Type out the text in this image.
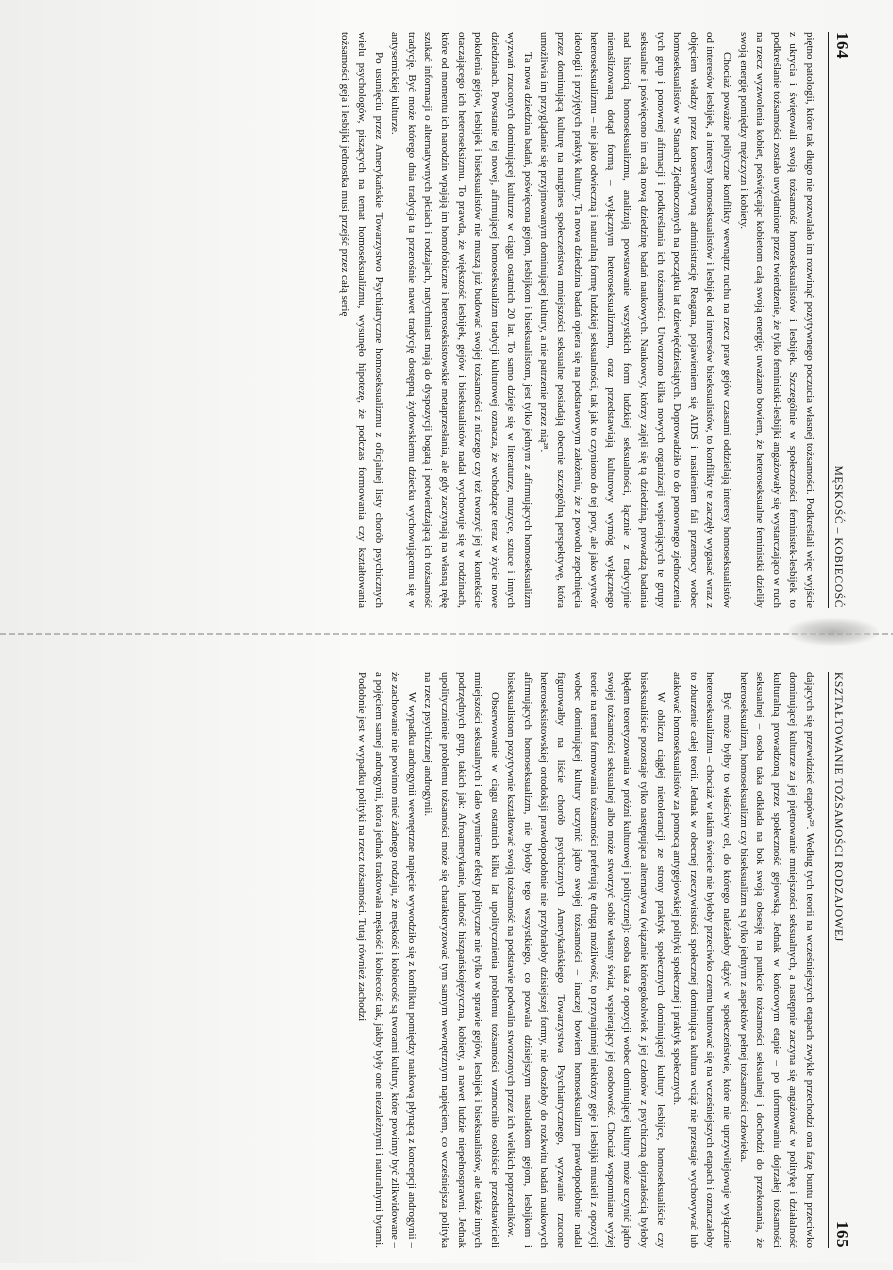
164
MĘSKOŚĆ – KOBIECOŚĆ

piętno patologii, które tak długo nie pozwalało im rozwinąć pozytywnego poczucia własnej tożsamości. Podkreślali więc wyjście z ukrycia i świętowali swoją tożsamość homoseksualistów i lesbijek. Szczególnie w społeczności feministek-lesbijek to podkreślanie tożsamości zostało uwydatnione przez twierdzenie, że tylko feministki-lesbijki angażowały się wystarczająco w ruch na rzecz wyzwolenia kobiet, poświęcając kobietom całą swoją energię; uważano bowiem, że heteroseksualne feministki dzieliły swoją energię pomiędzy mężczyzn i kobiety.

Chociaż poważne polityczne konflikty wewnątrz ruchu na rzecz praw gejów czasami oddzielają interesy homoseksualistów od interesów lesbijek, a interesy homoseksualistów i lesbijek od interesów biseksualistów, to konflikty te zaczęły wygasać wraz z objęciem władzy przez konserwatywną administrację Reagana, pojawieniem się AIDS i nasileniem fali przemocy wobec homoseksualistów w Stanach Zjednoczonych na początku lat dziewięćdziesiątych. Doprowadziło to do ponownego zjednoczenia tych grup i ponownej afirmacji i podkreślania ich tożsamości. Utworzono kilka nowych organizacji wspierających te grupy seksualne i poświęcono im całą nową dziedzinę badań naukowych. Naukowcy, którzy zajęli się tą dziedziną, prowadzą badania nad historią homoseksualizmu, analizują powstawanie wszystkich form ludzkiej seksualności, łącznie z tradycyjnie nienaślizowaną dotąd formą – wyłącznym heteroseksualizmem, oraz przedstawiają kulturowy wymóg wyłącznego heteroseksualizmu – nie jako odwieczną i naturalną formę ludzkiej seksualności, tak jak to czyniono do tej pory, ale jako wytwór ideologii i przyjętych praktyk kultury. Ta nowa dziedzina badań opiera się na podstawowym założeniu, że z powodu zepchnięcia przez dominującą kulturę na margines społeczeństwa mniejszości seksualne posiadają obecnie szczególną perspektywę, która umożliwia im przyglądanie się przyjmowanym dominującej kultury, a nie patrzenie przez nią²⁸.

Ta nowa dziedzina badań, poświęcona gejom, lesbijkom i biseksualistom, jest tylko jednym z afirmujących homoseksualizm wyzwań rzuconych dominującej kulturze w ciągu ostatnich 20 lat. To samo dzieje się w literaturze, muzyce, sztuce i innych dziedzinach. Powstanie tej nowej, afirmującej homoseksualizm tradycji kulturowej oznacza, że wchodzące teraz w życie nowe pokolenia gejów, lesbijek i biseksualistów nie muszą już budować swojej tożsamości z niczego czy też tworzyć jej w kontekście otaczającego ich heteroseksizmu. To prawda, że większość lesbijek, gejów i biseksualistów nadal wychowuje się w rodzinach, które od momentu ich narodzin wpajają im homofobiczne i heteroseksistowskie metaprzesłania, ale gdy zaczynają na własną rękę szukać informacji o alternatywnych płciach i rodzajach, natychmiast mają do dyspozycji bogatą i potwierdzającą ich tożsamość tradycję. Być może którego dnia tradycja ta przerośnie nawet tradycję dostępną żydowskiemu dziecku wychowującemu się w antysemickiej kulturze.

Po usunięciu przez Amerykańskie Towarzystwo Psychiatryczne homoseksualizmu z oficjalnej listy chorób psychicznych wielu psychologów, piszących na temat homoseksualizmu, wysunęło hipotezę, że podczas formowania czy kształtowania tożsamości geja i lesbijki jednostka musi przejść przez całą serię

KSZTAŁTOWANIE TOŻSAMOŚCI RODZAJOWEJ
165

dających się przewidzieć etapów²⁹. Według tych teorii na wcześniejszych etapach zwykle przechodzi ona fazę buntu przeciwko dominującej kulturze za jej piętnowanie mniejszości seksualnych, a następnie zaczyna się angażować w politykę i działalność kulturalną prowadzoną przez społeczność gejowską. Jednak w końcowym etapie – po uformowaniu dojrzałej tożsamości seksualnej – osoba taka odkłada na bok swoją obsesję na punkcie tożsamości seksualnej i dochodzi do przekonania, że heteroseksualizm, homoseksualizm czy biseksualizm są tylko jednym z aspektów pełnej tożsamości człowieka.

Być może byłby to właściwy cel, do którego należałoby dążyć w społeczeństwie, które nie uprzywilejowuje wyłącznie heteroseksualizmu – chociaż w takim świecie nie byłoby przeciwko czemu buntować się na wcześniejszych etapach i oznaczałoby to zburzenie całej teorii. Jednak w obecnej rzeczywistości społecznej dominująca kultura wciąż nie przestaje wychowywać lub atakować homoseksualistów za pomocą antygejowskiej polityki społecznej i praktyk społecznych.

W obliczu ciągłej nietolerancji ze strony praktyk społecznych dominującej kultury lesbijce, homoseksualiście czy biseksualiście pozostaje tylko następująca alternatywa (wiązanie któregokolwiek z jej członów z psychiczną dojrzałością byłoby błędem teoretyzowania w próżni kulturowej i politycznej): osoba taka z opozycji wobec dominującej kultury może uczynić jądro swojej tożsamości seksualnej albo może stworzyć sobie własny świat, wspierający jej osobowość. Chociaż wspomniane wyżej teorie na temat formowania tożsamości preferują tę drugą możliwość, to przynajmniej niektórzy geje i lesbijki musieli z opozycji wobec dominującej kultury uczynić jądro swojej tożsamości – inaczej bowiem homoseksualizm prawdopodobnie nadal figurowałby na liście chorób psychicznych Amerykańskiego Towarzystwa Psychiatrycznego, wyzwanie rzucone heteroseksistowskiej ortodoksji prawdopodobnie nie przybrałoby dzisiejszej formy, nie doszłoby do rozkwitu badań naukowych afirmujących homoseksualizm, nie byłoby tego wszystkiego, co pozwala dzisiejszym nastolatkom gejom, lesbijkom i biseksualistom pozytywnie kształtować swoją tożsamość na podstawie podwalin stworzonych przez ich wielkich poprzedników.

Obserwowanie w ciągu ostatnich kilku lat upolitycznienia problemu tożsamości wzmocniło osobiście przedstawicieli mniejszości seksualnych i dało wymierne efekty polityczne nie tylko w sprawie gejów, lesbijek i biseksualistów, ale także innych podrzędnych grup, takich jak: Afroamerykanie, ludność hiszpańskojęzyczna, kobiety, a nawet ludzie niepełnosprawni. Jednak upolitycznienie problemu tożsamości może się charakteryzować tym samym wewnętrznym napięciem, co wcześniejsza polityka na rzecz psychicznej androgynii.

W wypadku androgynii wewnętrzne napięcie wywodziło się z konfliktu pomiędzy naukową płynącą z koncepcji androgynii – że zachowanie nie powinno mieć żadnego rodzaju, że męskość i kobiecość są tworami kultury, które powinny być zlikwidowane – a pojęciem samej androgynii, która jednak traktowała męskość i kobiecość tak, jakby były one niezależnymi i naturalnymi bytami. Podobnie jest w wypadku polityki na rzecz tożsamości. Tutaj również zachodzi
